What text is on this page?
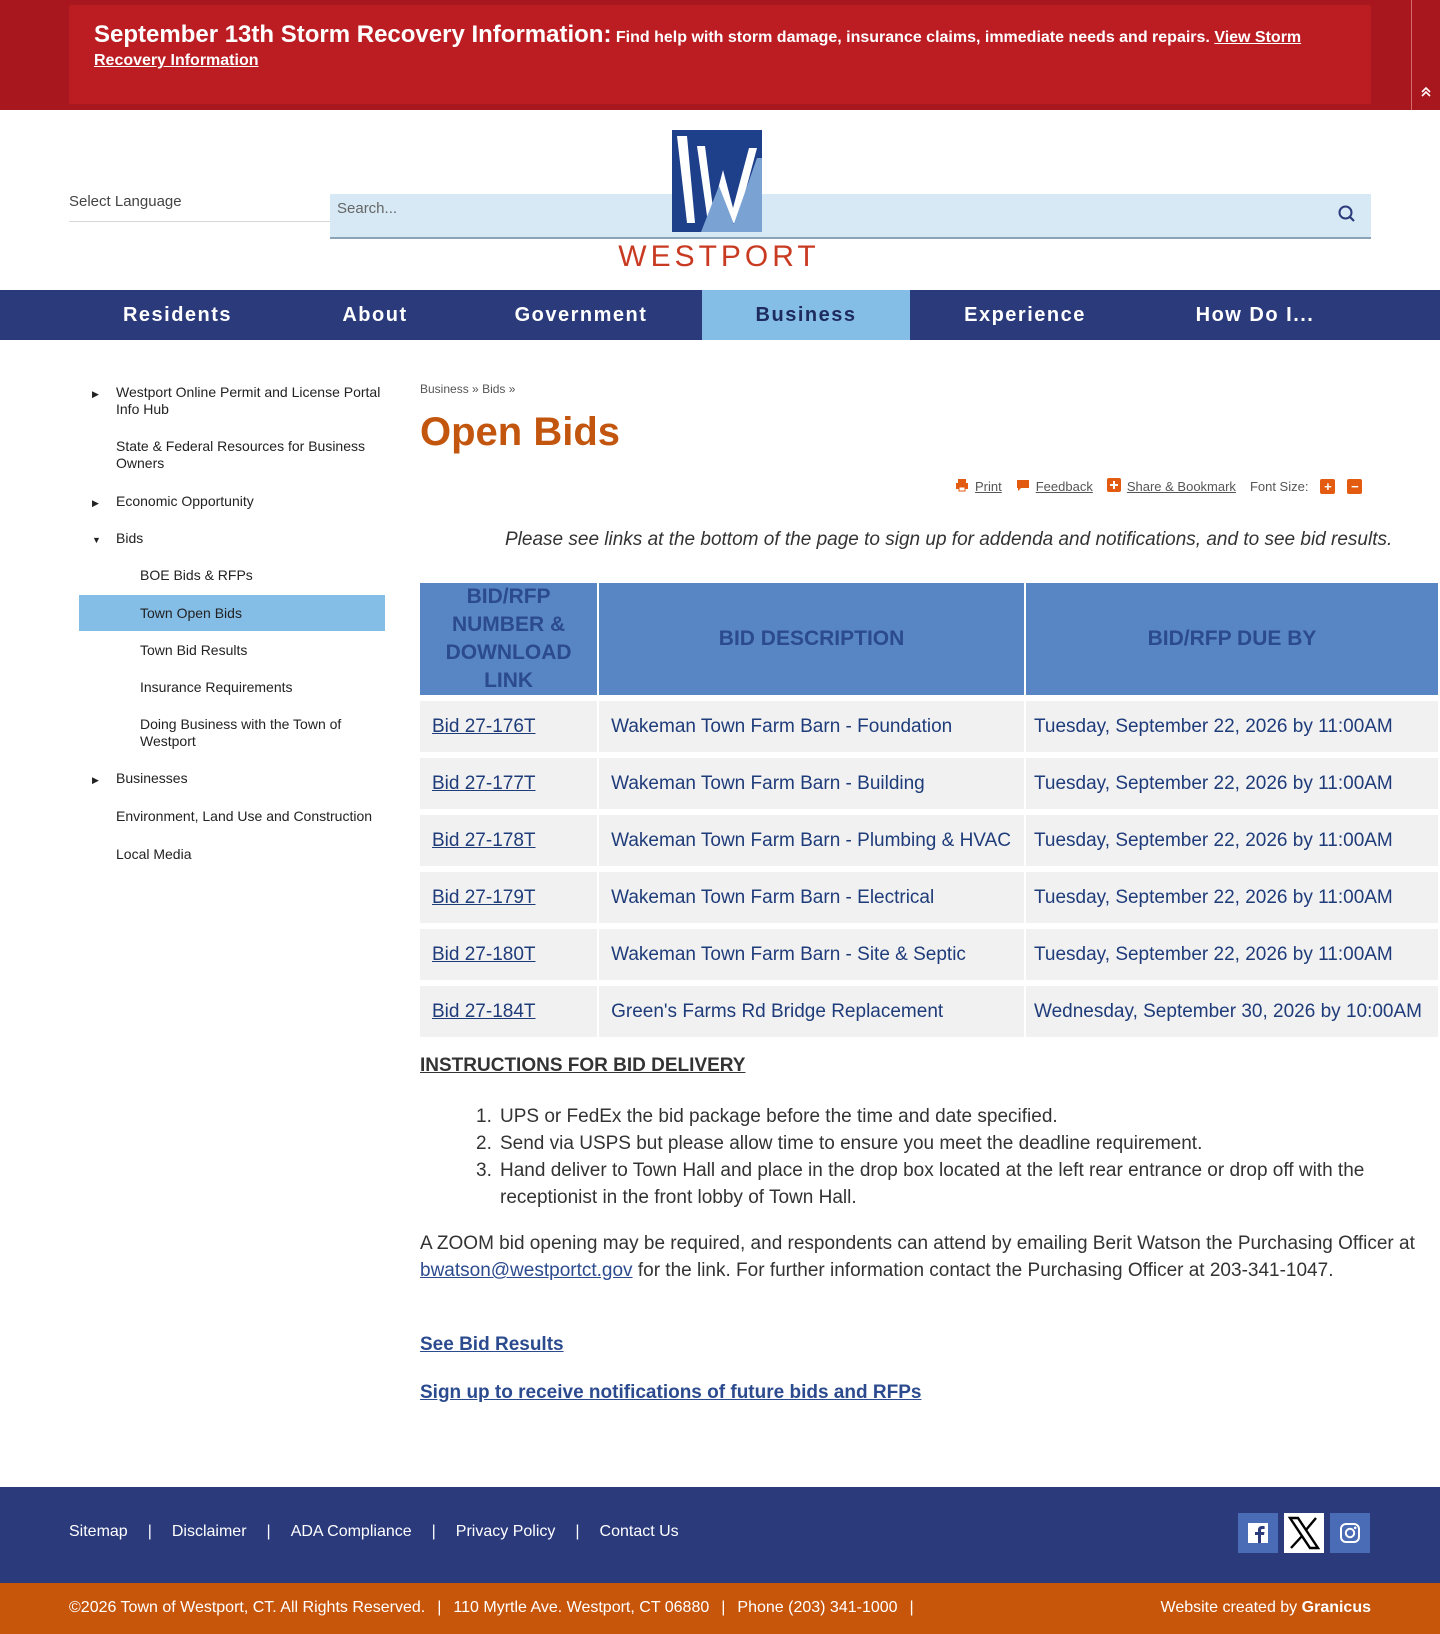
September 13th Storm Recovery Information: Find help with storm damage, insurance claims, immediate needs and repairs. View Storm
Recovery Information
Select Language
Search...
WESTPORT
Residents	About	Government	Business	Experience	How Do I...
▶ Westport Online Permit and License Portal Info Hub
State & Federal Resources for Business Owners
▶ Economic Opportunity
▼ Bids
BOE Bids & RFPs
Town Open Bids
Town Bid Results
Insurance Requirements
Doing Business with the Town of Westport
▶ Businesses
Environment, Land Use and Construction
Local Media
Business » Bids »
Open Bids
Print	Feedback	Share & Bookmark Font Size: + −

Please see links at the bottom of the page to sign up for addenda and notifications, and to see bid results.

BID/RFP NUMBER & DOWNLOAD LINK	BID DESCRIPTION	BID/RFP DUE BY
Bid 27-176T	Wakeman Town Farm Barn - Foundation	Tuesday, September 22, 2026 by 11:00AM
Bid 27-177T	Wakeman Town Farm Barn - Building	Tuesday, September 22, 2026 by 11:00AM
Bid 27-178T	Wakeman Town Farm Barn - Plumbing & HVAC	Tuesday, September 22, 2026 by 11:00AM
Bid 27-179T	Wakeman Town Farm Barn - Electrical	Tuesday, September 22, 2026 by 11:00AM
Bid 27-180T	Wakeman Town Farm Barn - Site & Septic	Tuesday, September 22, 2026 by 11:00AM
Bid 27-184T	Green's Farms Rd Bridge Replacement	Wednesday, September 30, 2026 by 10:00AM
INSTRUCTIONS FOR BID DELIVERY
1. UPS or FedEx the bid package before the time and date specified.
2. Send via USPS but please allow time to ensure you meet the deadline requirement.
3. Hand deliver to Town Hall and place in the drop box located at the left rear entrance or drop off with the receptionist in the front lobby of Town Hall.

A ZOOM bid opening may be required, and respondents can attend by emailing Berit Watson the Purchasing Officer at bwatson@westportct.gov for the link. For further information contact the Purchasing Officer at 203-341-1047.

See Bid Results
Sign up to receive notifications of future bids and RFPs
Sitemap | Disclaimer | ADA Compliance | Privacy Policy | Contact Us
©2026 Town of Westport, CT. All Rights Reserved. | 110 Myrtle Ave. Westport, CT 06880 | Phone (203) 341-1000 |	Website created by Granicus
